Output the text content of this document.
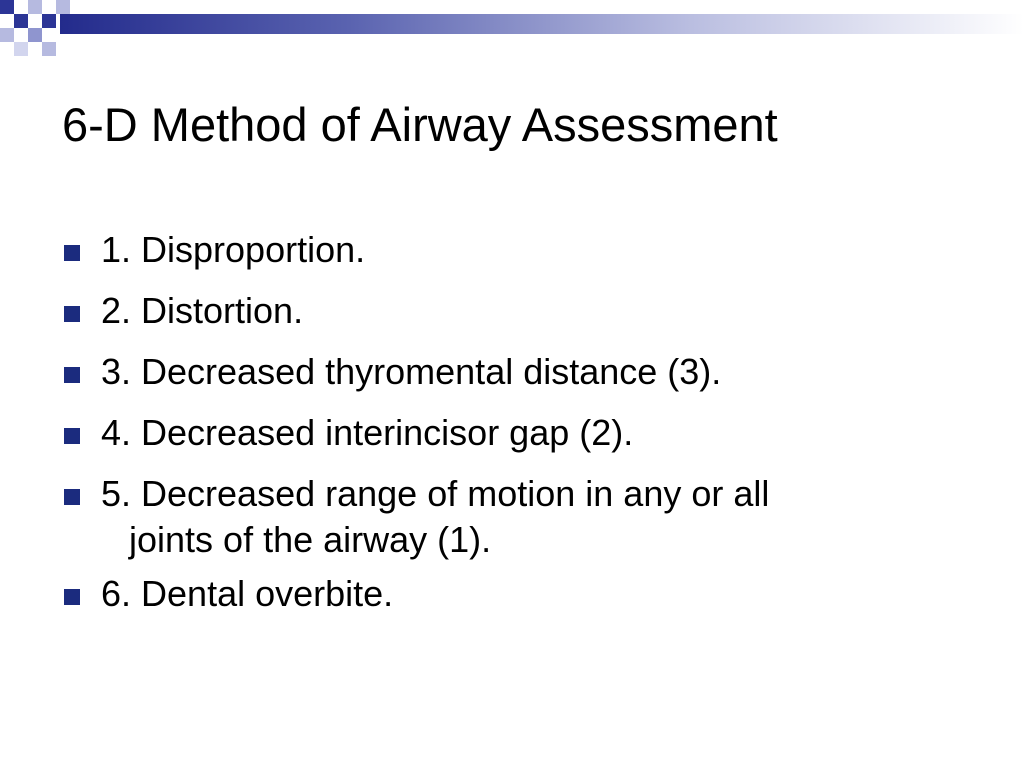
6-D Method of Airway Assessment
1. Disproportion.
2. Distortion.
3. Decreased thyromental distance (3).
4. Decreased interincisor gap (2).
5. Decreased range of motion in any or all
joints of the airway (1).
6. Dental overbite.
